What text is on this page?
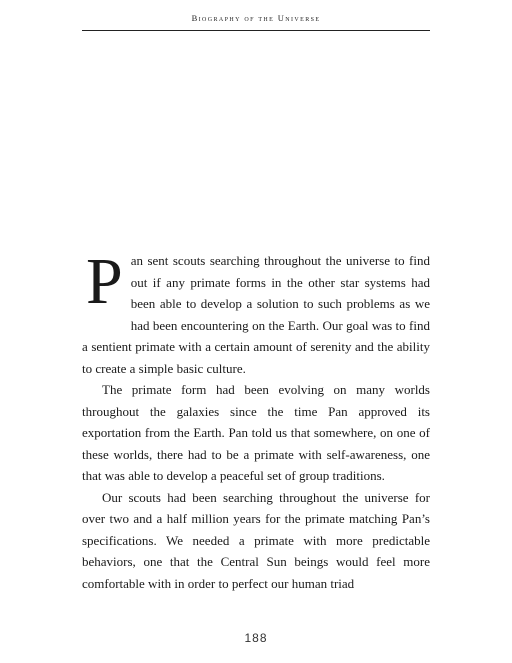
Biography of the Universe

Pan sent scouts searching throughout the universe to find out if any primate forms in the other star systems had been able to develop a solution to such problems as we had been encountering on the Earth. Our goal was to find a sentient primate with a certain amount of serenity and the ability to create a simple basic culture.

The primate form had been evolving on many worlds throughout the galaxies since the time Pan approved its exportation from the Earth. Pan told us that somewhere, on one of these worlds, there had to be a primate with self-awareness, one that was able to develop a peaceful set of group traditions.

Our scouts had been searching throughout the universe for over two and a half million years for the primate matching Pan’s specifications. We needed a primate with more predictable behaviors, one that the Central Sun beings would feel more comfortable with in order to perfect our human triad

188
